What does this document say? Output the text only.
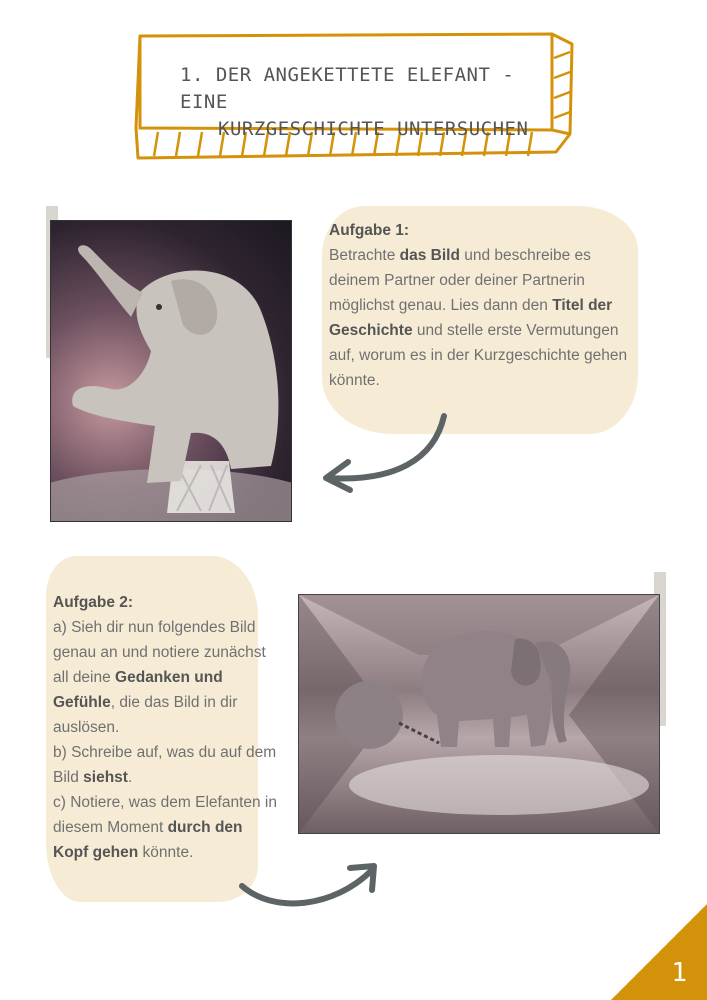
1. DER ANGEKETTETE ELEFANT - EINE
KURZGESCHICHTE UNTERSUCHEN
Aufgabe 1:
Betrachte das Bild und beschreibe es deinem Partner oder deiner Partnerin möglichst genau. Lies dann den Titel der Geschichte und stelle erste Vermutungen auf, worum es in der Kurzgeschichte gehen könnte.
Aufgabe 2:
a) Sieh dir nun folgendes Bild genau an und notiere zunächst all deine Gedanken und Gefühle, die das Bild in dir auslösen.
b) Schreibe auf, was du auf dem Bild siehst.
c) Notiere, was dem Elefanten in diesem Moment durch den Kopf gehen könnte.
1
